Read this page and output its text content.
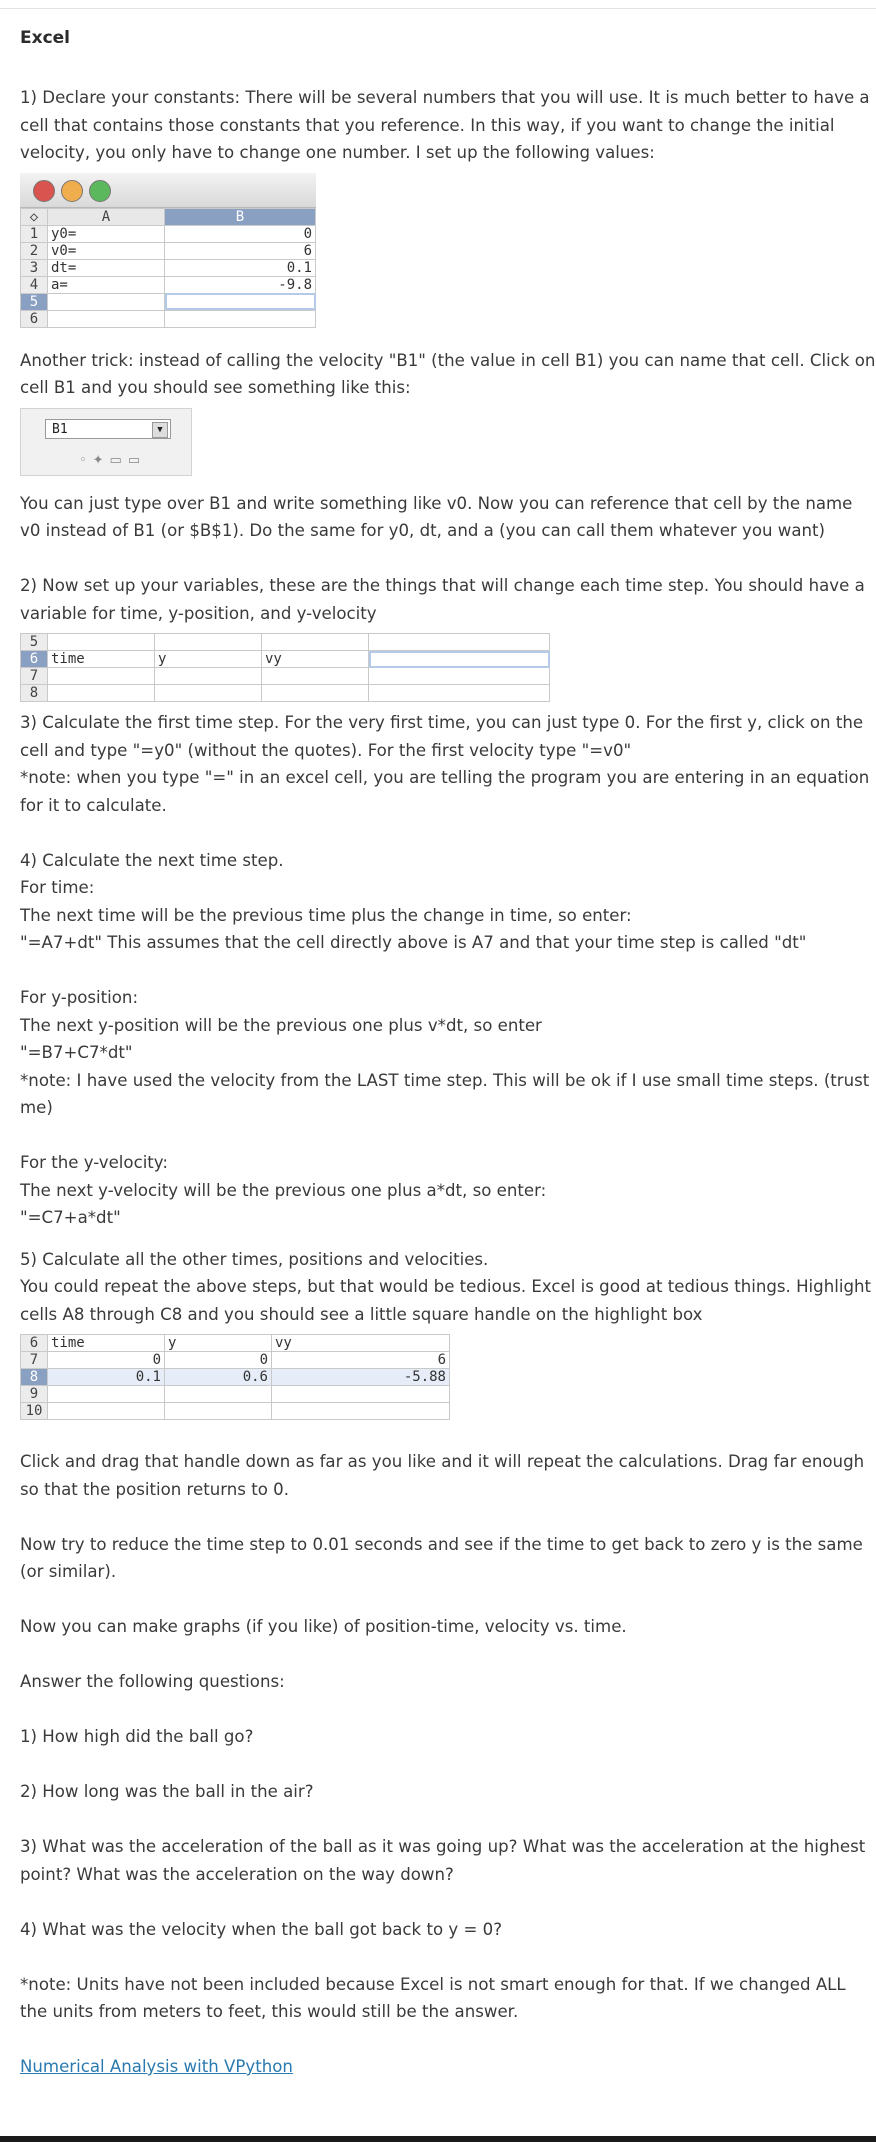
Excel

1) Declare your constants: There will be several numbers that you will use. It is much better to have a cell that contains those constants that you reference. In this way, if you want to change the initial velocity, you only have to change one number. I set up the following values:

◇	A	B
1	y0=	0
2	v0=	6
3	dt=	0.1
4	a=	-9.8
5		
6		

Another trick: instead of calling the velocity "B1" (the value in cell B1) you can name that cell. Click on cell B1 and you should see something like this:

B1	▼
◦✦▭▭

You can just type over B1 and write something like v0. Now you can reference that cell by the name v0 instead of B1 (or $B$1). Do the same for y0, dt, and a (you can call them whatever you want)

2) Now set up your variables, these are the things that will change each time step. You should have a variable for time, y-position, and y-velocity

5				
6	time	y	vy	
7				
8				

3) Calculate the first time step. For the very first time, you can just type 0. For the first y, click on the cell and type "=y0" (without the quotes). For the first velocity type "=v0"

*note: when you type "=" in an excel cell, you are telling the program you are entering in an equation for it to calculate.

4) Calculate the next time step.

For time:

The next time will be the previous time plus the change in time, so enter:

"=A7+dt" This assumes that the cell directly above is A7 and that your time step is called "dt"

For y-position:

The next y-position will be the previous one plus v*dt, so enter

"=B7+C7*dt"

*note: I have used the velocity from the LAST time step. This will be ok if I use small time steps. (trust me)

For the y-velocity:

The next y-velocity will be the previous one plus a*dt, so enter:

"=C7+a*dt"

5) Calculate all the other times, positions and velocities.

You could repeat the above steps, but that would be tedious. Excel is good at tedious things. Highlight cells A8 through C8 and you should see a little square handle on the highlight box

6	time	y	vy
7	0	0	6
8	0.1	0.6	-5.88
9			
10			

Click and drag that handle down as far as you like and it will repeat the calculations. Drag far enough so that the position returns to 0.

Now try to reduce the time step to 0.01 seconds and see if the time to get back to zero y is the same (or similar).

Now you can make graphs (if you like) of position-time, velocity vs. time.

Answer the following questions:

1) How high did the ball go?

2) How long was the ball in the air?

3) What was the acceleration of the ball as it was going up? What was the acceleration at the highest point? What was the acceleration on the way down?

4) What was the velocity when the ball got back to y = 0?

*note: Units have not been included because Excel is not smart enough for that. If we changed ALL the units from meters to feet, this would still be the answer.

Numerical Analysis with VPython
